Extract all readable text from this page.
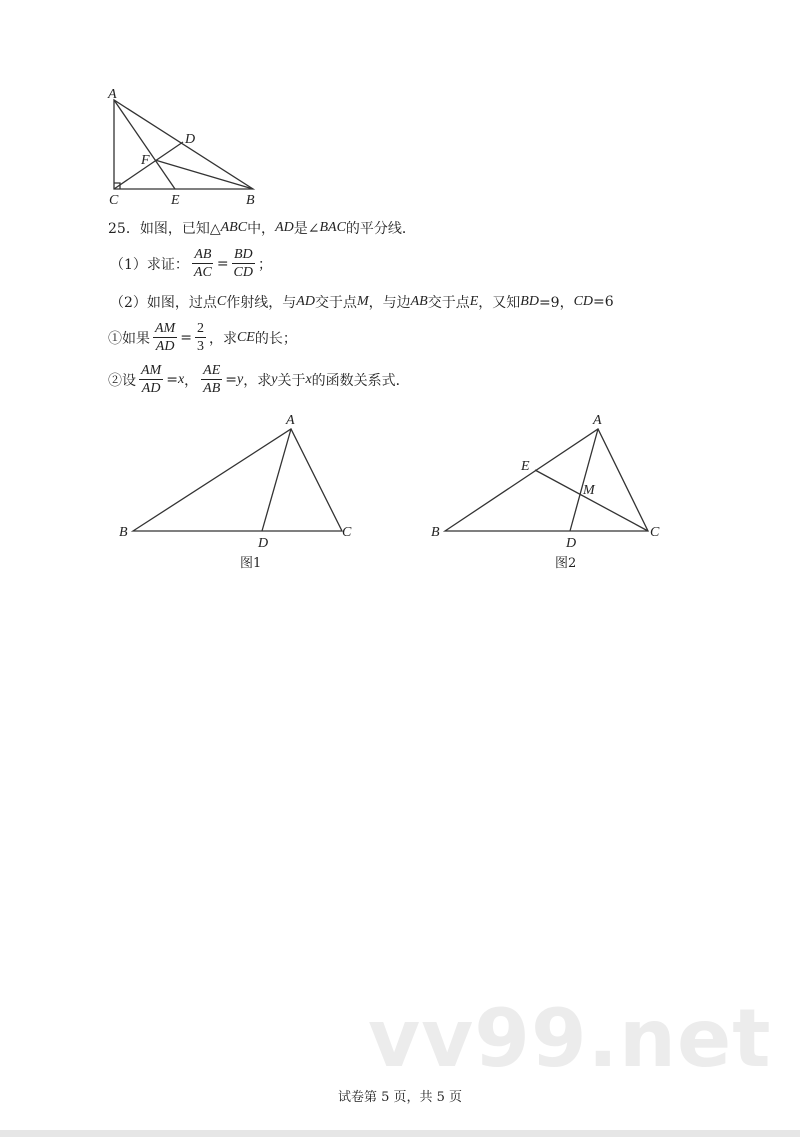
A
C	E	B
D
F
A
B
D
C
A
B
D
C
E
M
图1	图2
25． 如图，已知△ ABC 中， AD 是∠ BAC 的平分线．
（1）求证： $\frac{AB}{AC} = \frac{BD}{CD}$ ；
（2）如图，过点 C 作射线，与 AD 交于点 M ，与边 AB 交于点 E ，又知 BD =9， CD =6
①如果 $\frac{AM}{AD} = \frac{2}{3}$ ，求 CE 的长；
②设 $\frac{AM}{AD} = x$ ， $\frac{AE}{AB} = y$ ，求 y 关于 x 的函数关系式．
vv99.net
试卷第 5 页，共 5 页
